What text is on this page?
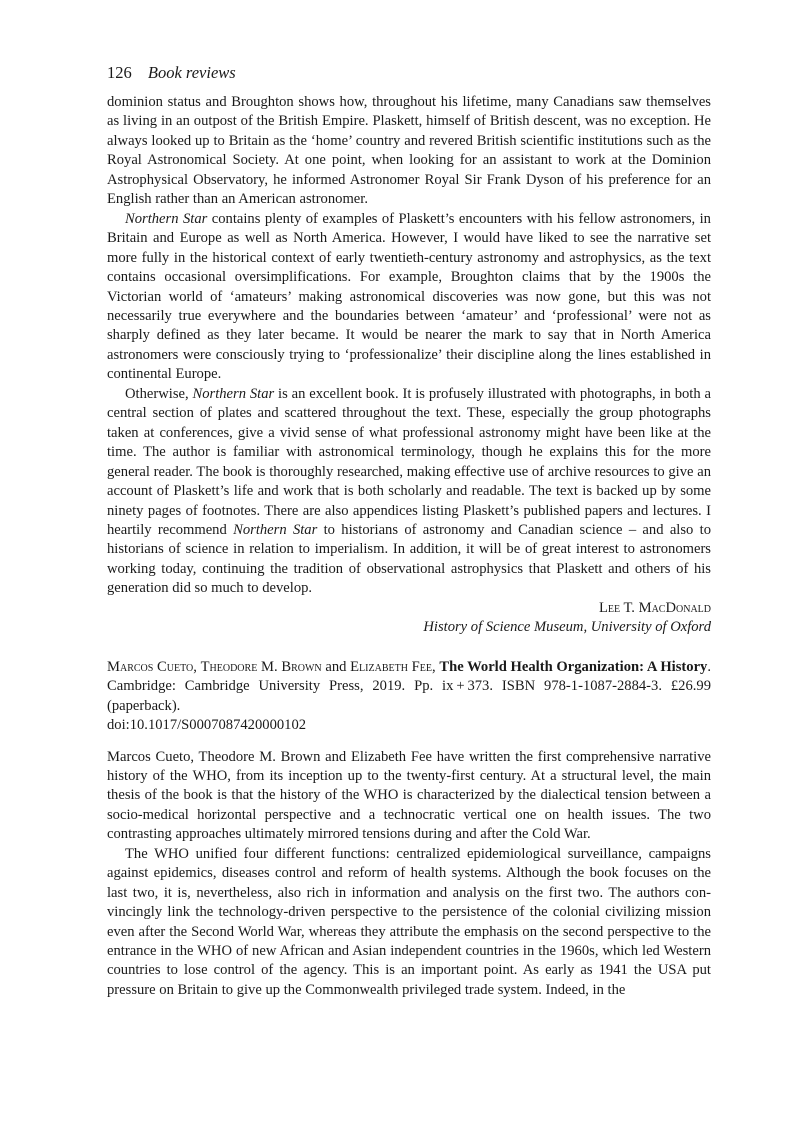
126 Book reviews

dominion status and Broughton shows how, throughout his lifetime, many Canadians saw themselves as living in an outpost of the British Empire. Plaskett, himself of British descent, was no exception. He always looked up to Britain as the ‘home’ country and revered British scientific institutions such as the Royal Astronomical Society. At one point, when looking for an assistant to work at the Dominion Astrophysical Observatory, he informed Astronomer Royal Sir Frank Dyson of his preference for an English rather than an American astronomer.

Northern Star contains plenty of examples of Plaskett’s encounters with his fellow astronomers, in Britain and Europe as well as North America. However, I would have liked to see the narrative set more fully in the historical context of early twentieth-century astronomy and astrophysics, as the text contains occasional oversimplifications. For example, Broughton claims that by the 1900s the Victorian world of ‘amateurs’ making astronomical discoveries was now gone, but this was not necessarily true everywhere and the boundaries between ‘amateur’ and ‘professional’ were not as sharply defined as they later became. It would be nearer the mark to say that in North America astronomers were consciously trying to ‘professionalize’ their discipline along the lines established in continental Europe.

Otherwise, Northern Star is an excellent book. It is profusely illustrated with photographs, in both a central section of plates and scattered throughout the text. These, especially the group photographs taken at conferences, give a vivid sense of what professional astronomy might have been like at the time. The author is familiar with astronomical terminology, though he explains this for the more general reader. The book is thoroughly researched, making effective use of archive resources to give an account of Plaskett’s life and work that is both scholarly and readable. The text is backed up by some ninety pages of footnotes. There are also appendices listing Plaskett’s published papers and lectures. I heartily recommend Northern Star to historians of astronomy and Canadian science – and also to historians of science in relation to imperialism. In addition, it will be of great interest to astronomers working today, continuing the tradition of observational astrophysics that Plaskett and others of his generation did so much to develop.

Lee T. MacDonald
History of Science Museum, University of Oxford
Marcos Cueto, Theodore M. Brown and Elizabeth Fee, The World Health Organization: A History. Cambridge: Cambridge University Press, 2019. Pp. ix + 373. ISBN 978-1-1087-2884-3. £26.99 (paperback).
doi:10.1017/S0007087420000102

Marcos Cueto, Theodore M. Brown and Elizabeth Fee have written the first comprehensive narrative history of the WHO, from its inception up to the twenty-first century. At a structural level, the main thesis of the book is that the history of the WHO is characterized by the dialectical tension between a socio-medical horizontal perspective and a technocratic vertical one on health issues. The two contrasting approaches ultimately mirrored tensions during and after the Cold War.

The WHO unified four different functions: centralized epidemiological surveillance, campaigns against epidemics, diseases control and reform of health systems. Although the book focuses on the last two, it is, nevertheless, also rich in information and analysis on the first two. The authors convincingly link the technology-driven perspective to the persistence of the colonial civilizing mission even after the Second World War, whereas they attribute the emphasis on the second perspective to the entrance in the WHO of new African and Asian independent countries in the 1960s, which led Western countries to lose control of the agency. This is an important point. As early as 1941 the USA put pressure on Britain to give up the Commonwealth privileged trade system. Indeed, in the
